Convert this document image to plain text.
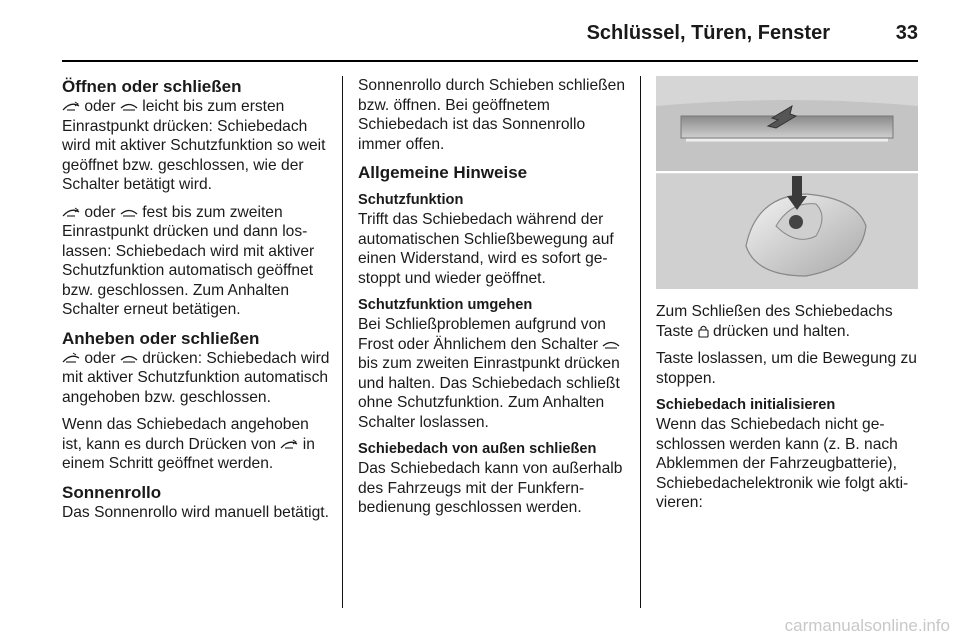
Schlüssel, Türen, Fenster	33
Öffnen oder schließen

oder
leicht bis zum ersten Einrastpunkt drücken: Schiebedach wird mit aktiver Schutzfunktion so weit geöffnet bzw. geschlossen, wie der Schalter betätigt wird.

oder
fest bis zum zweiten Einrastpunkt drücken und dann loslassen: Schiebedach wird mit aktiver Schutzfunktion automatisch geöffnet bzw. geschlossen. Zum Anhalten Schalter erneut betätigen.

Anheben oder schließen

oder
drücken: Schiebedach wird mit aktiver Schutzfunktion automatisch angehoben bzw. geschlossen.

Wenn das Schiebedach angehoben ist, kann es durch Drücken von
in einem Schritt geöffnet werden.

Sonnenrollo

Das Sonnenrollo wird manuell betätigt.

Sonnenrollo durch Schieben schließen bzw. öffnen. Bei geöffnetem Schiebedach ist das Sonnenrollo immer offen.

Allgemeine Hinweise
Schutzfunktion

Trifft das Schiebedach während der automatischen Schließbewegung auf einen Widerstand, wird es sofort gestoppt und wieder geöffnet.

Schutzfunktion umgehen

Bei Schließproblemen aufgrund von Frost oder Ähnlichem den Schalter
bis zum zweiten Einrastpunkt drücken und halten. Das Schiebedach schließt ohne Schutzfunktion. Zum Anhalten Schalter loslassen.

Schiebedach von außen schließen

Das Schiebedach kann von außerhalb des Fahrzeugs mit der Funkfernbedienung geschlossen werden.

Zum Schließen des Schiebedachs Taste  drücken und halten.

Taste loslassen, um die Bewegung zu stoppen.

Schiebedach initialisieren

Wenn das Schiebedach nicht geschlossen werden kann (z. B. nach Abklemmen der Fahrzeugbatterie), Schiebedachelektronik wie folgt aktivieren:

carmanualsonline.info
